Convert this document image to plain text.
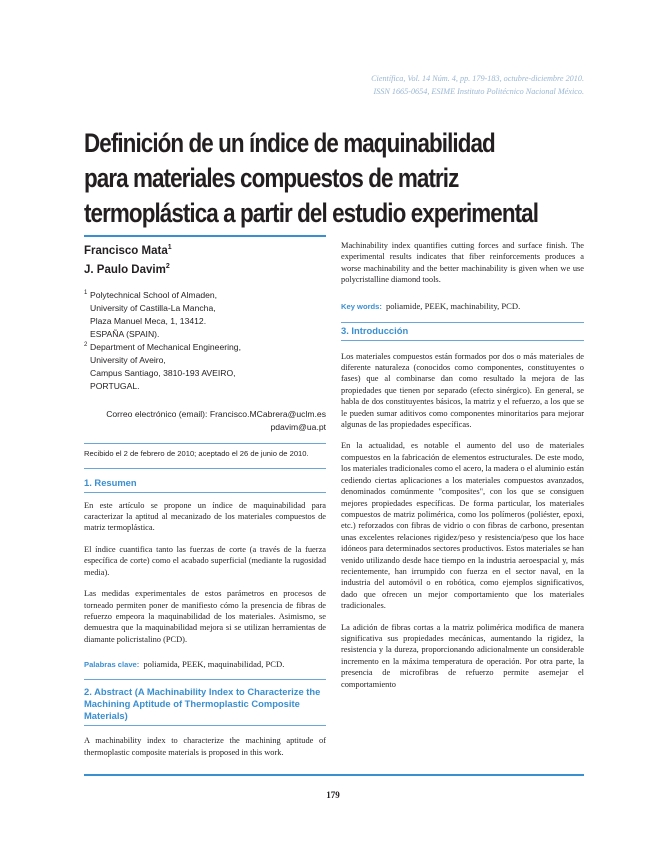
Científica, Vol. 14 Núm. 4, pp. 179-183, octubre-diciembre 2010.
ISSN 1665-0654, ESIME Instituto Politécnico Nacional México.
Definición de un índice de maquinabilidad
para materiales compuestos de matriz
termoplástica a partir del estudio experimental
Francisco Mata$^1$
J. Paulo Davim$^2$
1 Polytechnical School of Almaden,
University of Castilla-La Mancha,
Plaza Manuel Meca, 1, 13412.
ESPAÑA (SPAIN).
2 Department of Mechanical Engineering,
University of Aveiro,
Campus Santiago, 3810-193 AVEIRO,
PORTUGAL.
Correo electrónico (email): Francisco.MCabrera@uclm.es
pdavim@ua.pt
Recibido el 2 de febrero de 2010; aceptado el 26 de junio de 2010.
1. Resumen

En este artículo se propone un índice de maquinabilidad para caracterizar la aptitud al mecanizado de los materiales compuestos de matriz termoplástica.

El índice cuantifica tanto las fuerzas de corte (a través de la fuerza específica de corte) como el acabado superficial (mediante la rugosidad media).

Las medidas experimentales de estos parámetros en procesos de torneado permiten poner de manifiesto cómo la presencia de fibras de refuerzo empeora la maquinabilidad de los materiales. Asimismo, se demuestra que la maquinabilidad mejora si se utilizan herramientas de diamante policristalino (PCD).

Palabras clave: poliamida, PEEK, maquinabilidad, PCD.

2. Abstract (A Machinability Index to Characterize the
Machining Aptitude of Thermoplastic Composite Materials)

A machinability index to characterize the machining aptitude of thermoplastic composite materials is proposed in this work.

Machinability index quantifies cutting forces and surface finish. The experimental results indicates that fiber reinforcements produces a worse machinability and the better machinability is given when we use polycristalline diamond tools.

Key words: poliamide, PEEK, machinability, PCD.

3. Introducción

Los materiales compuestos están formados por dos o más materiales de diferente naturaleza (conocidos como componentes, constituyentes o fases) que al combinarse dan como resultado la mejora de las propiedades que tienen por separado (efecto sinérgico). En general, se habla de dos constituyentes básicos, la matriz y el refuerzo, a los que se le pueden sumar aditivos como componentes minoritarios para mejorar algunas de las propiedades específicas.

En la actualidad, es notable el aumento del uso de materiales compuestos en la fabricación de elementos estructurales. De este modo, los materiales tradicionales como el acero, la madera o el aluminio están cediendo ciertas aplicaciones a los materiales compuestos avanzados, denominados comúnmente "composites", con los que se consiguen mejores propiedades específicas. De forma particular, los materiales compuestos de matriz polimérica, como los polímeros (poliéster, epoxi, etc.) reforzados con fibras de vidrio o con fibras de carbono, presentan unas excelentes relaciones rigidez/peso y resistencia/peso que los hace idóneos para determinados sectores productivos. Estos materiales se han venido utilizando desde hace tiempo en la industria aeroespacial y, más recientemente, han irrumpido con fuerza en el sector naval, en la industria del automóvil o en robótica, como ejemplos significativos, dado que ofrecen un mejor comportamiento que los materiales tradicionales.

La adición de fibras cortas a la matriz polimérica modifica de manera significativa sus propiedades mecánicas, aumentando la rigidez, la resistencia y la dureza, proporcionando adicionalmente un considerable incremento en la máxima temperatura de operación. Por otra parte, la presencia de microfibras de refuerzo permite asemejar el comportamiento

179
